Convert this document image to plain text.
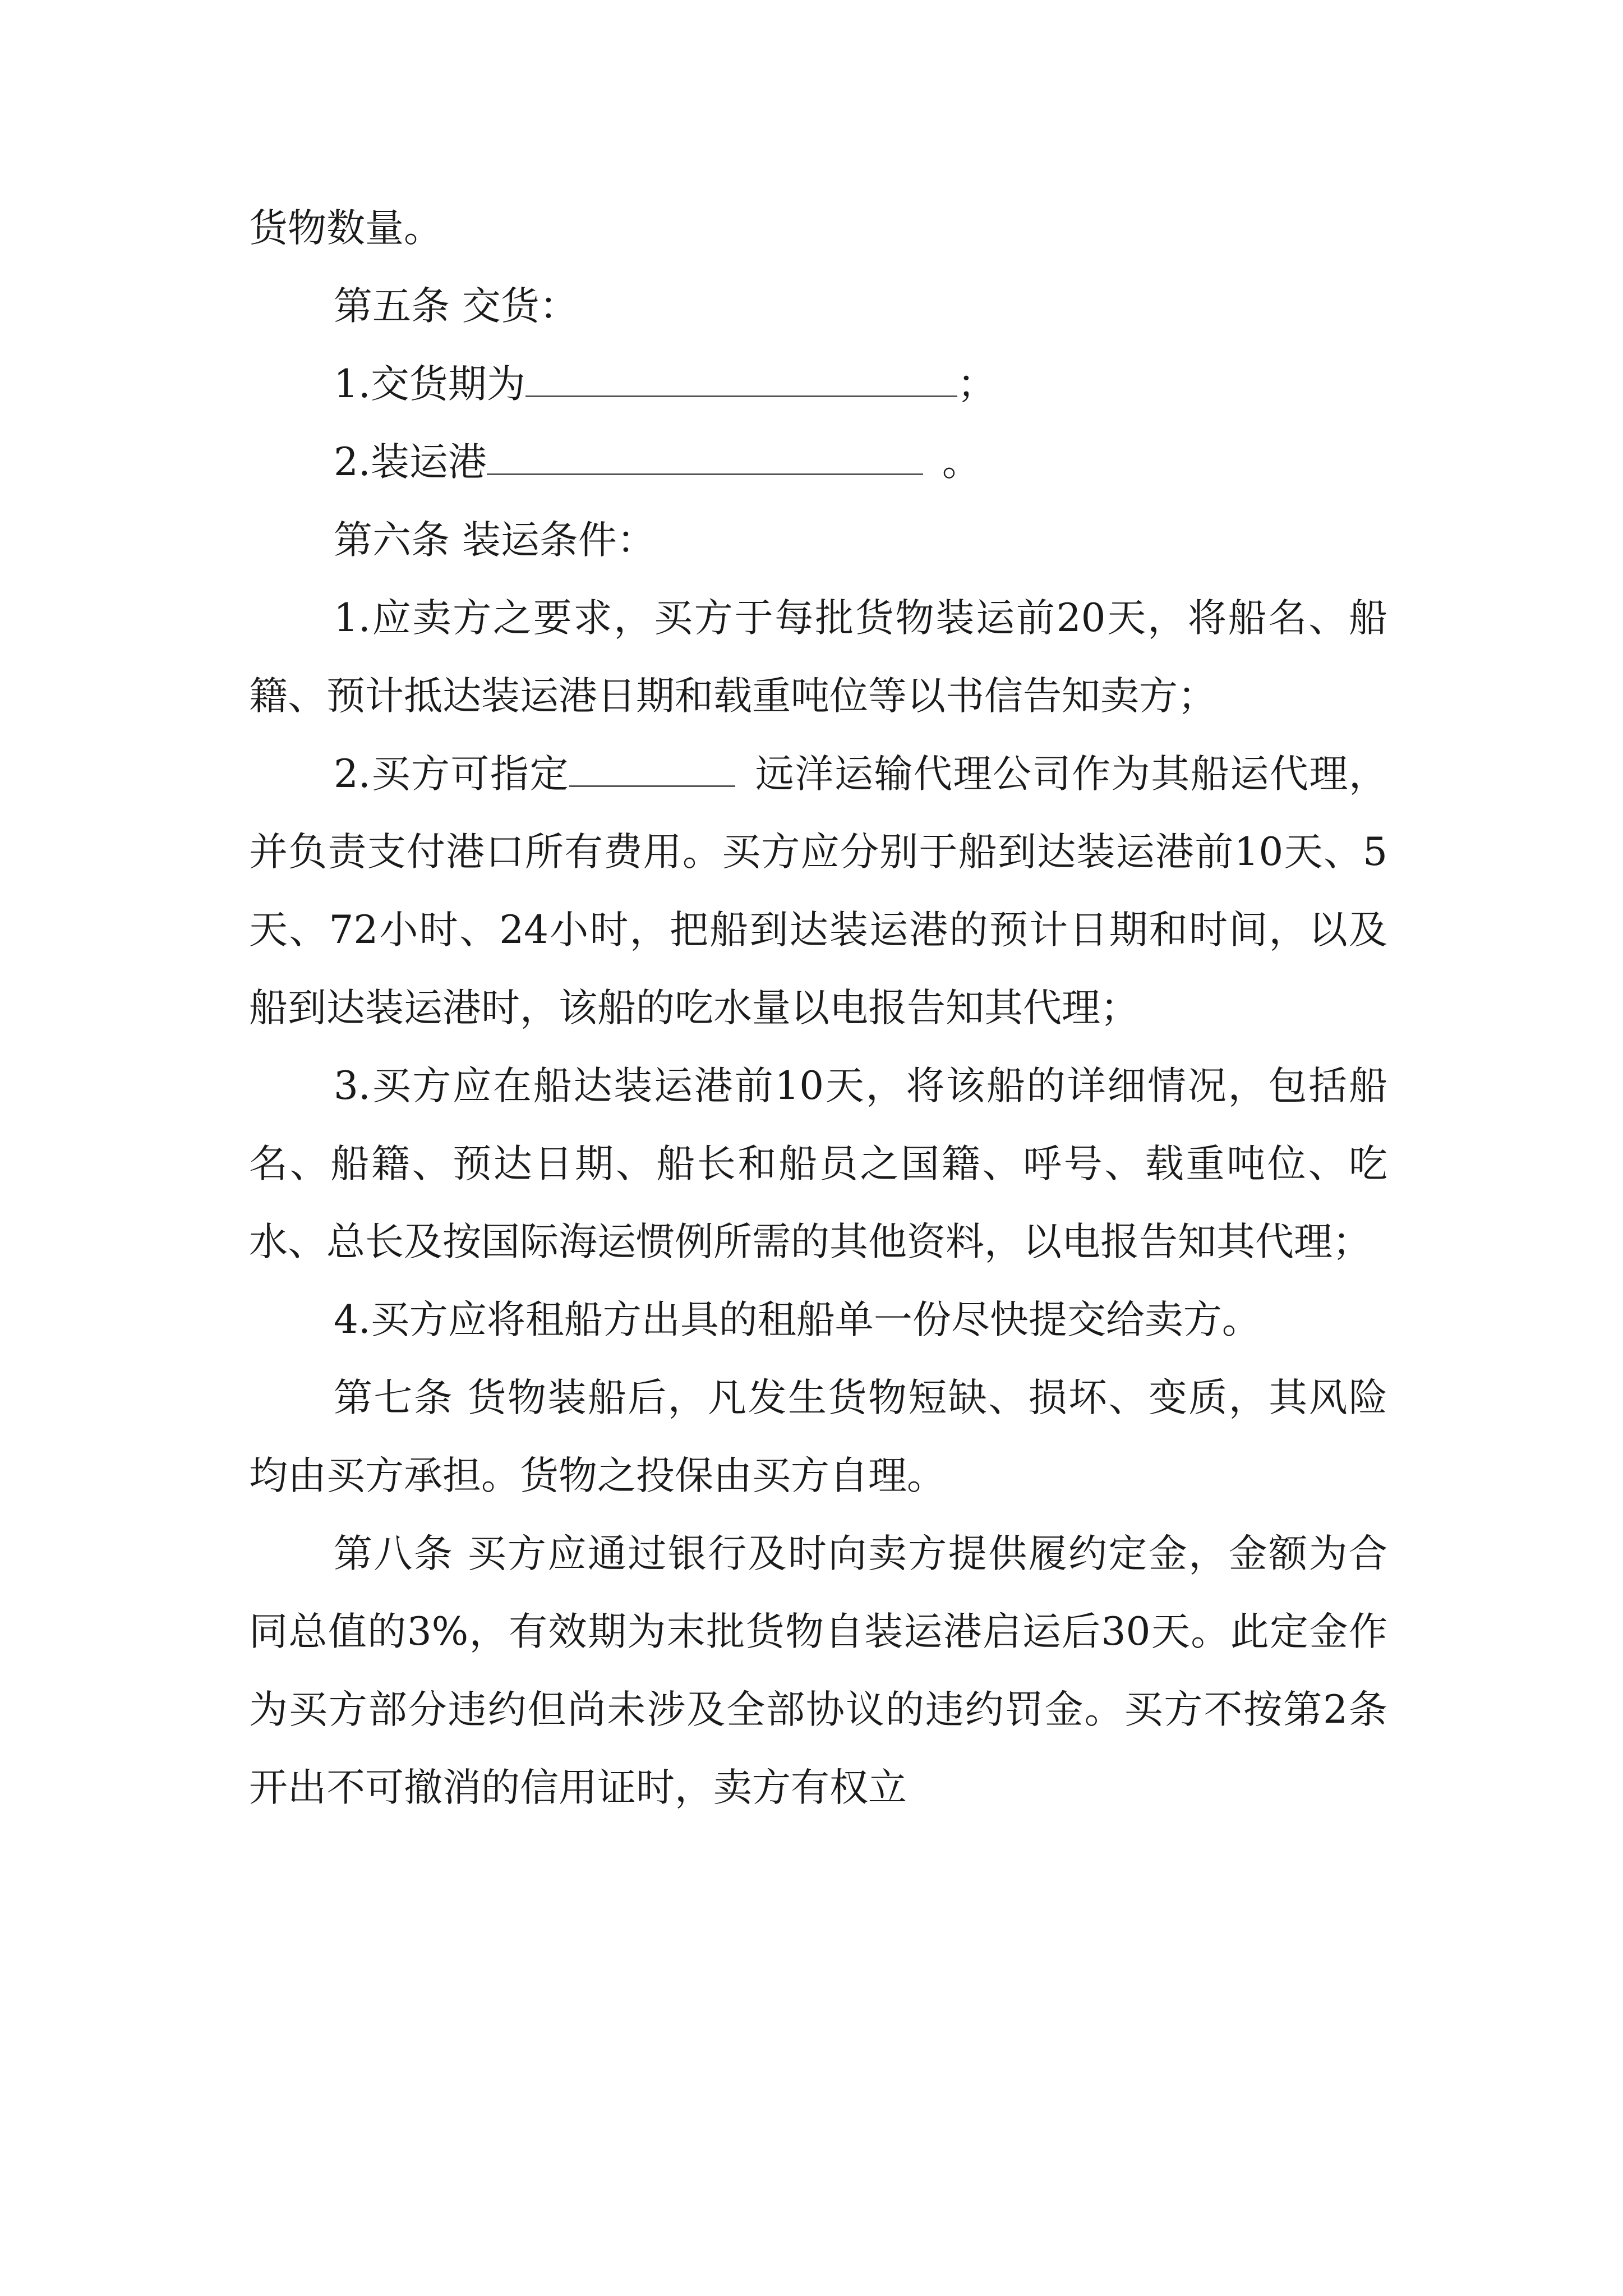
货物数量。

第五条 交货：

1.交货期为	；

2.装运港	。

第六条 装运条件：

1.应卖方之要求，买方于每批货物装运前20天，将船名、船籍、预计抵达装运港日期和载重吨位等以书信告知卖方；

2.买方可指定	远洋运输代理公司作为其船运代理，并负责支付港口所有费用。买方应分别于船到达装运港前10天、5天、72小时、24小时，把船到达装运港的预计日期和时间，以及船到达装运港时，该船的吃水量以电报告知其代理；

3.买方应在船达装运港前10天，将该船的详细情况，包括船名、船籍、预达日期、船长和船员之国籍、呼号、载重吨位、吃水、总长及按国际海运惯例所需的其他资料，以电报告知其代理；

4.买方应将租船方出具的租船单一份尽快提交给卖方。

第七条 货物装船后，凡发生货物短缺、损坏、变质，其风险均由买方承担。货物之投保由买方自理。

第八条 买方应通过银行及时向卖方提供履约定金，金额为合同总值的3%，有效期为末批货物自装运港启运后30天。此定金作为买方部分违约但尚未涉及全部协议的违约罚金。买方不按第2条开出不可撤消的信用证时，卖方有权立
